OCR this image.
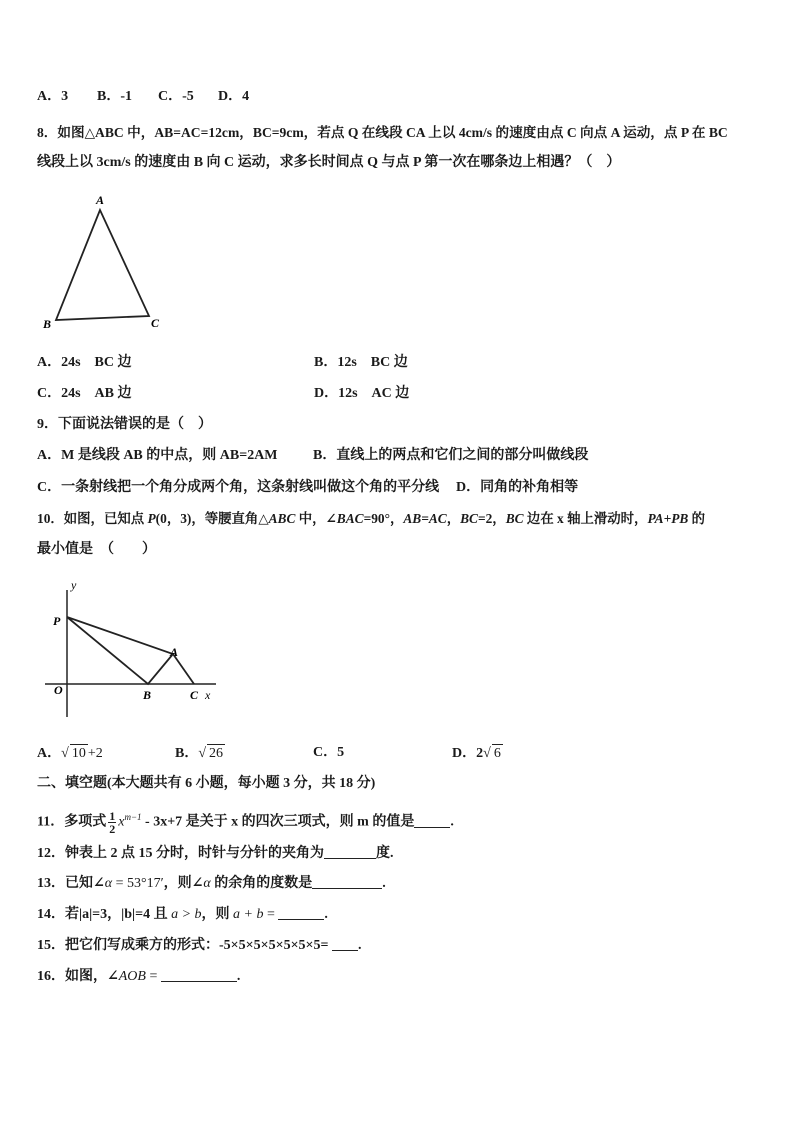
A．3 B．-1 C．-5 D．4
8．如图△ABC 中，AB=AC=12cm，BC=9cm，若点 Q 在线段 CA 上以 4cm/s 的速度由点 C 向点 A 运动，点 P 在 BC
线段上以 3cm/s 的速度由 B 向 C 运动，求多长时间点 Q 与点 P 第一次在哪条边上相遇？（　）
A
B	C
A．24s　BC 边	B．12s　BC 边
C．24s　AB 边	D．12s　AC 边
9．下面说法错误的是（　）
A．M 是线段 AB 的中点，则 AB=2AM	B．直线上的两点和它们之间的部分叫做线段
C．一条射线把一个角分成两个角，这条射线叫做这个角的平分线 D．同角的补角相等
10．如图，已知点 P(0，3)，等腰直角△ABC 中，∠BAC=90°，AB=AC，BC=2，BC 边在 x 轴上滑动时，PA+PB 的
最小值是　（　　）
y
P
A
O	B	C x
A．√ 10 +2	B．√ 26	C．5	D．2√ 6
二、填空题(本大题共有 6 小题，每小题 3 分，共 18 分)
11．多项式 $\frac{1}{2} x^{m-1} - 3x+7$ 是关于 x 的四次三项式，则 m 的值是	.
12．钟表上 2 点 15 分时，时针与分针的夹角为	度.
13．已知∠α = 53°17′，则∠α 的余角的度数是	.
14．若|a|=3，|b|=4 且 a > b，则 a + b =	.
15．把它们写成乘方的形式：-5×5×5×5×5×5×5= .
16．如图，∠AOB =	.
